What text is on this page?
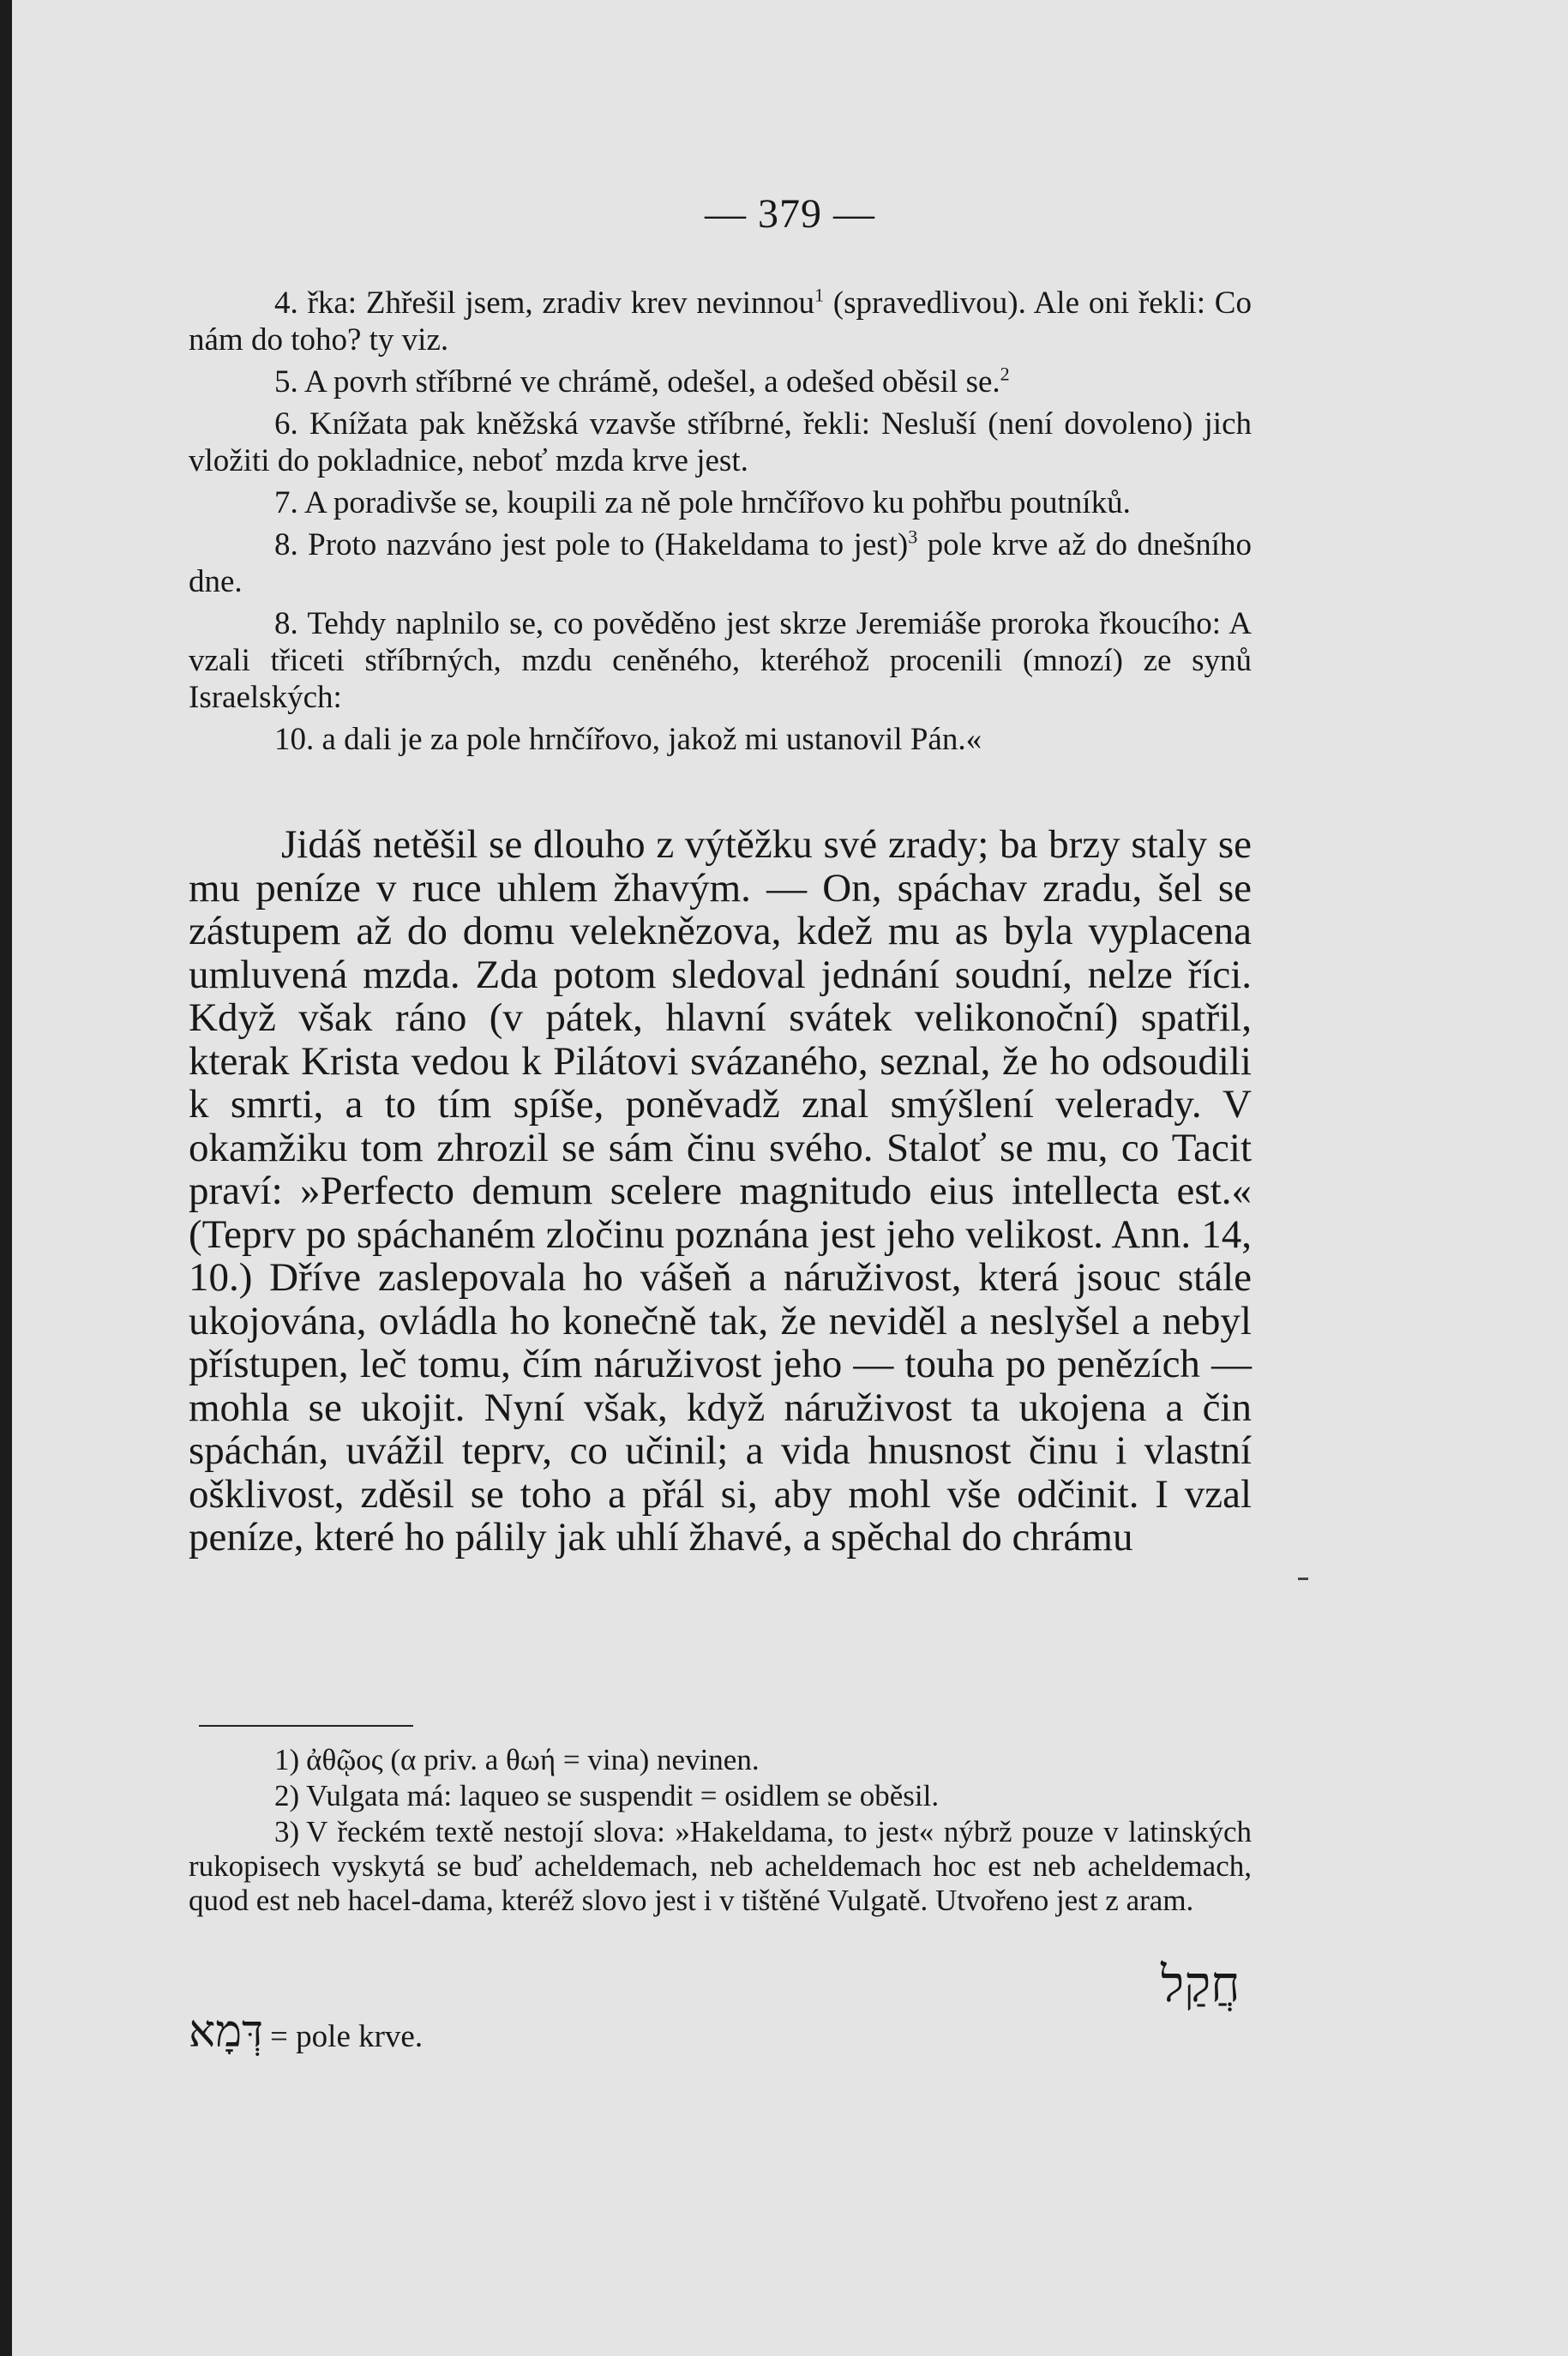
— 379 —

4. řka: Zhřešil jsem, zradiv krev nevinnou$^1$ (spravedlivou). Ale oni řekli: Co nám do toho? ty viz.

5. A povrh stříbrné ve chrámě, odešel, a odešed oběsil se.$^2$

6. Knížata pak kněžská vzavše stříbrné, řekli: Nesluší (není dovoleno) jich vložiti do pokladnice, neboť mzda krve jest.

7. A poradivše se, koupili za ně pole hrnčířovo ku pohřbu poutníků.

8. Proto nazváno jest pole to (Hakeldama to jest)$^3$ pole krve až do dnešního dne.

8. Tehdy naplnilo se, co pověděno jest skrze Jeremiáše proroka řkoucího: A vzali třiceti stříbrných, mzdu ceněného, kteréhož procenili (mnozí) ze synů Israelských:

10. a dali je za pole hrnčířovo, jakož mi ustanovil Pán.«

Jidáš netěšil se dlouho z výtěžku své zrady; ba brzy staly se mu peníze v ruce uhlem žhavým. — On, spáchav zradu, šel se zástupem až do domu veleknězova, kdež mu as byla vyplacena umluvená mzda. Zda potom sledoval jednání soudní, nelze říci. Když však ráno (v pátek, hlavní svátek velikonoční) spatřil, kterak Krista vedou k Pilátovi svázaného, seznal, že ho odsoudili k smrti, a to tím spíše, poněvadž znal smýšlení velerady. V okamžiku tom zhrozil se sám činu svého. Staloť se mu, co Tacit praví: »Perfecto demum scelere magnitudo eius intellecta est.« (Teprv po spáchaném zločinu poznána jest jeho velikost. Ann. 14, 10.) Dříve zaslepovala ho vášeň a náruživost, která jsouc stále ukojována, ovládla ho konečně tak, že neviděl a neslyšel a nebyl přístupen, leč tomu, čím náruživost jeho — touha po penězích — mohla se ukojit. Nyní však, když náruživost ta ukojena a čin spáchán, uvážil teprv, co učinil; a vida hnusnost činu i vlastní ošklivost, zděsil se toho a přál si, aby mohl vše odčinit. I vzal peníze, které ho pálily jak uhlí žhavé, a spěchal do chrámu

1) ἀθῷος (α priv. a θωή = vina) nevinen.

2) Vulgata má: laqueo se suspendit = osidlem se oběsil.

3) V řeckém textě nestojí slova: »Hakeldama, to jest« nýbrž pouze v latinských rukopisech vyskytá se buď acheldemach, neb acheldemach hoc est neb acheldemach, quod est neb hacel-dama, kteréž slovo jest i v tištěné Vulgatě. Utvořeno jest z aram.

חֲקַל
דְּמָא = pole krve.
